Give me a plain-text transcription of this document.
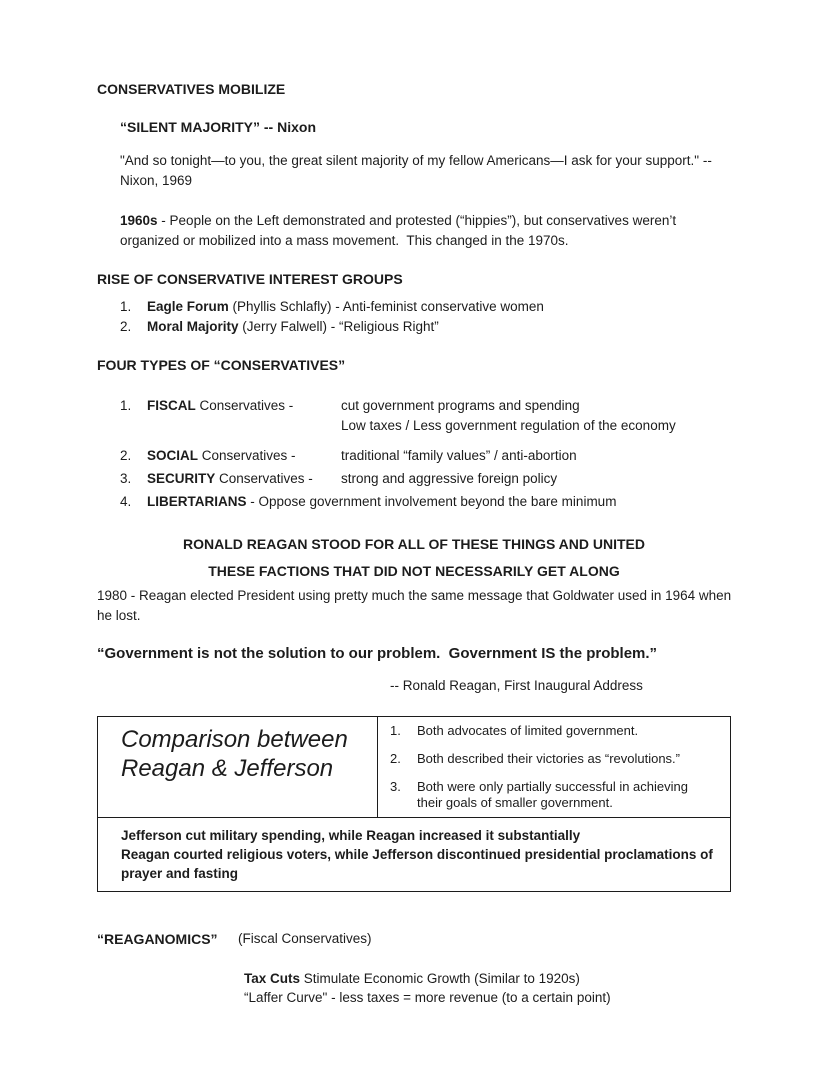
CONSERVATIVES MOBILIZE
“SILENT MAJORITY” -- Nixon
"And so tonight—to you, the great silent majority of my fellow Americans—I ask for your support." -- Nixon, 1969
1960s - People on the Left demonstrated and protested (“hippies”), but conservatives weren’t organized or mobilized into a mass movement.  This changed in the 1970s.
RISE OF CONSERVATIVE INTEREST GROUPS
1.	Eagle Forum (Phyllis Schlafly) - Anti-feminist conservative women
2.	Moral Majority (Jerry Falwell) - “Religious Right”
FOUR TYPES OF “CONSERVATIVES”
1.	FISCAL Conservatives -	cut government programs and spending
Low taxes / Less government regulation of the economy
2.	SOCIAL Conservatives -	traditional “family values” / anti-abortion
3.	SECURITY Conservatives -	strong and aggressive foreign policy
4.	LIBERTARIANS - Oppose government involvement beyond the bare minimum
RONALD REAGAN STOOD FOR ALL OF THESE THINGS AND UNITED
THESE FACTIONS THAT DID NOT NECESSARILY GET ALONG
1980 - Reagan elected President using pretty much the same message that Goldwater used in 1964 when he lost.
“Government is not the solution to our problem.  Government IS the problem.”
-- Ronald Reagan, First Inaugural Address
Comparison between Reagan & Jefferson
1.	Both advocates of limited government.
2.	Both described their victories as “revolutions.”
3.	Both were only partially successful in achieving their goals of smaller government.
Jefferson cut military spending, while Reagan increased it substantially
Reagan courted religious voters, while Jefferson discontinued presidential proclamations of prayer and fasting
“REAGANOMICS” (Fiscal Conservatives)
Tax Cuts Stimulate Economic Growth (Similar to 1920s)
“Laffer Curve" - less taxes = more revenue (to a certain point)
